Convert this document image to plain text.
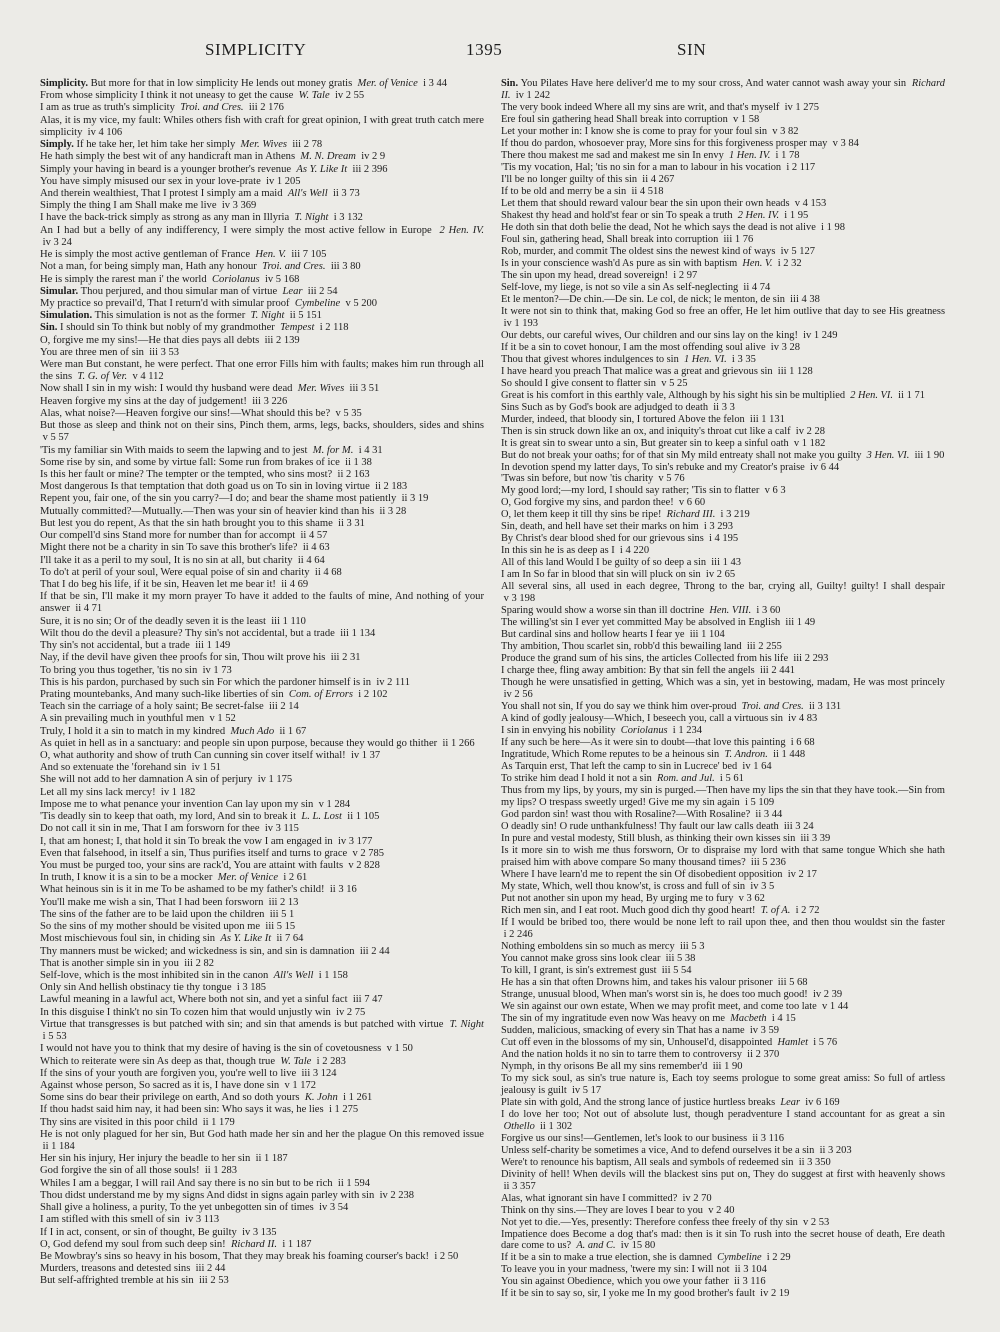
SIMPLICITY	1395	SIN
Simplicity. But more for that in low simplicity He lends out money gratis Mer. of Venice i 3 44
From whose simplicity I think it not uneasy to get the cause W. Tale iv 2 55
I am as true as truth's simplicity Troi. and Cres. iii 2 176
Alas, it is my vice, my fault: Whiles others fish with craft for great opinion, I with great truth catch mere simplicity iv 4 106
Simply. If he take her, let him take her simply Mer. Wives iii 2 78
He hath simply the best wit of any handicraft man in Athens M. N. Dream iv 2 9
Simply your having in beard is a younger brother's revenue As Y. Like It iii 2 396
You have simply misused our sex in your love-prate iv 1 205
And therein wealthiest, That I protest I simply am a maid All's Well ii 3 73
Simply the thing I am Shall make me live iv 3 369
I have the back-trick simply as strong as any man in Illyria T. Night i 3 132
An I had but a belly of any indifferency, I were simply the most active fellow in Europe 2 Hen. IV.  iv 3 24
He is simply the most active gentleman of France Hen. V. iii 7 105
Not a man, for being simply man, Hath any honour Troi. and Cres. iii 3 80
He is simply the rarest man i' the world Coriolanus iv 5 168
Simular. Thou perjured, and thou simular man of virtue Lear iii 2 54
My practice so prevail'd, That I return'd with simular proof Cymbeline v 5 200
Simulation. This simulation is not as the former T. Night ii 5 151
Sin. I should sin To think but nobly of my grandmother Tempest i 2 118
O, forgive me my sins!—He that dies pays all debts iii 2 139
You are three men of sin iii 3 53
Were man But constant, he were perfect. That one error Fills him with faults; makes him run through all the sins T. G. of Ver. v 4 112
Now shall I sin in my wish: I would thy husband were dead Mer. Wives iii 3 51
Heaven forgive my sins at the day of judgement! iii 3 226
Alas, what noise?—Heaven forgive our sins!—What should this be? v 5 35
But those as sleep and think not on their sins, Pinch them, arms, legs, backs, shoulders, sides and shins  v 5 57
'Tis my familiar sin With maids to seem the lapwing and to jest M. for M. i 4 31
Some rise by sin, and some by virtue fall: Some run from brakes of ice ii 1 38
Is this her fault or mine? The tempter or the tempted, who sins most? ii 2 163
Most dangerous Is that temptation that doth goad us on To sin in loving virtue ii 2 183
Repent you, fair one, of the sin you carry?—I do; and bear the shame most patiently ii 3 19
Mutually committed?—Mutually.—Then was your sin of heavier kind than his ii 3 28
But lest you do repent, As that the sin hath brought you to this shame ii 3 31
Our compell'd sins Stand more for number than for accompt ii 4 57
Might there not be a charity in sin To save this brother's life? ii 4 63
I'll take it as a peril to my soul, It is no sin at all, but charity ii 4 64
To do't at peril of your soul, Were equal poise of sin and charity ii 4 68
That I do beg his life, if it be sin, Heaven let me bear it! ii 4 69
If that be sin, I'll make it my morn prayer To have it added to the faults of mine, And nothing of your answer ii 4 71
Sure, it is no sin; Or of the deadly seven it is the least iii 1 110
Wilt thou do the devil a pleasure? Thy sin's not accidental, but a trade iii 1 134
Thy sin's not accidental, but a trade iii 1 149
Nay, if the devil have given thee proofs for sin, Thou wilt prove his iii 2 31
To bring you thus together, 'tis no sin iv 1 73
This is his pardon, purchased by such sin For which the pardoner himself is in iv 2 111
Prating mountebanks, And many such-like liberties of sin Com. of Errors i 2 102
Teach sin the carriage of a holy saint; Be secret-false iii 2 14
A sin prevailing much in youthful men v 1 52
Truly, I hold it a sin to match in my kindred Much Ado ii 1 67
As quiet in hell as in a sanctuary: and people sin upon purpose, because they would go thither ii 1 266
O, what authority and show of truth Can cunning sin cover itself withal! iv 1 37
And so extenuate the 'forehand sin iv 1 51
She will not add to her damnation A sin of perjury iv 1 175
Let all my sins lack mercy! iv 1 182
Impose me to what penance your invention Can lay upon my sin v 1 284
'Tis deadly sin to keep that oath, my lord, And sin to break it L. L. Lost ii 1 105
Do not call it sin in me, That I am forsworn for thee iv 3 115
I, that am honest; I, that hold it sin To break the vow I am engaged in iv 3 177
Even that falsehood, in itself a sin, Thus purifies itself and turns to grace v 2 785
You must be purged too, your sins are rack'd, You are attaint with faults v 2 828
In truth, I know it is a sin to be a mocker Mer. of Venice i 2 61
What heinous sin is it in me To be ashamed to be my father's child! ii 3 16
You'll make me wish a sin, That I had been forsworn iii 2 13
The sins of the father are to be laid upon the children iii 5 1
So the sins of my mother should be visited upon me iii 5 15
Most mischievous foul sin, in chiding sin As Y. Like It ii 7 64
Thy manners must be wicked; and wickedness is sin, and sin is damnation iii 2 44
That is another simple sin in you iii 2 82
Self-love, which is the most inhibited sin in the canon All's Well i 1 158
Only sin And hellish obstinacy tie thy tongue i 3 185
Lawful meaning in a lawful act, Where both not sin, and yet a sinful fact iii 7 47
In this disguise I think't no sin To cozen him that would unjustly win iv 2 75
Virtue that transgresses is but patched with sin; and sin that amends is but patched with virtue T. Night  i 5 53
I would not have you to think that my desire of having is the sin of covetousness v 1 50
Which to reiterate were sin As deep as that, though true W. Tale i 2 283
If the sins of your youth are forgiven you, you're well to live iii 3 124
Against whose person, So sacred as it is, I have done sin v 1 172
Some sins do bear their privilege on earth, And so doth yours K. John i 1 261
If thou hadst said him nay, it had been sin: Who says it was, he lies i 1 275
Thy sins are visited in this poor child ii 1 179
He is not only plagued for her sin, But God hath made her sin and her the plague On this removed issue  ii 1 184
Her sin his injury, Her injury the beadle to her sin ii 1 187
God forgive the sin of all those souls! ii 1 283
Whiles I am a beggar, I will rail And say there is no sin but to be rich ii 1 594
Thou didst understand me by my signs And didst in signs again parley with sin iv 2 238
Shall give a holiness, a purity, To the yet unbegotten sin of times iv 3 54
I am stifled with this smell of sin iv 3 113
If I in act, consent, or sin of thought, Be guilty iv 3 135
O, God defend my soul from such deep sin! Richard II. i 1 187
Be Mowbray's sins so heavy in his bosom, That they may break his foaming courser's back! i 2 50
Murders, treasons and detested sins iii 2 44
But self-affrighted tremble at his sin iii 2 53
Sin. You Pilates Have here deliver'd me to my sour cross, And water cannot wash away your sin Richard II. iv 1 242
The very book indeed Where all my sins are writ, and that's myself iv 1 275
Ere foul sin gathering head Shall break into corruption v 1 58
Let your mother in: I know she is come to pray for your foul sin v 3 82
If thou do pardon, whosoever pray, More sins for this forgiveness prosper may v 3 84
There thou makest me sad and makest me sin In envy 1 Hen. IV. i 1 78
'Tis my vocation, Hal; 'tis no sin for a man to labour in his vocation i 2 117
I'll be no longer guilty of this sin ii 4 267
If to be old and merry be a sin ii 4 518
Let them that should reward valour bear the sin upon their own heads v 4 153
Shakest thy head and hold'st fear or sin To speak a truth 2 Hen. IV. i 1 95
He doth sin that doth belie the dead, Not he which says the dead is not alive i 1 98
Foul sin, gathering head, Shall break into corruption iii 1 76
Rob, murder, and commit The oldest sins the newest kind of ways iv 5 127
Is in your conscience wash'd As pure as sin with baptism Hen. V. i 2 32
The sin upon my head, dread sovereign! i 2 97
Self-love, my liege, is not so vile a sin As self-neglecting ii 4 74
Et le menton?—De chin.—De sin. Le col, de nick; le menton, de sin iii 4 38
It were not sin to think that, making God so free an offer, He let him outlive that day to see His greatness  iv 1 193
Our debts, our careful wives, Our children and our sins lay on the king! iv 1 249
If it be a sin to covet honour, I am the most offending soul alive iv 3 28
Thou that givest whores indulgences to sin 1 Hen. VI. i 3 35
I have heard you preach That malice was a great and grievous sin iii 1 128
So should I give consent to flatter sin v 5 25
Great is his comfort in this earthly vale, Although by his sight his sin be multiplied 2 Hen. VI. ii 1 71
Sins Such as by God's book are adjudged to death ii 3 3
Murder, indeed, that bloody sin, I tortured Above the felon iii 1 131
Then is sin struck down like an ox, and iniquity's throat cut like a calf iv 2 28
It is great sin to swear unto a sin, But greater sin to keep a sinful oath v 1 182
But do not break your oaths; for of that sin My mild entreaty shall not make you guilty 3 Hen. VI. iii 1 90
In devotion spend my latter days, To sin's rebuke and my Creator's praise iv 6 44
'Twas sin before, but now 'tis charity v 5 76
My good lord;—my lord, I should say rather; 'Tis sin to flatter v 6 3
O, God forgive my sins, and pardon thee! v 6 60
O, let them keep it till thy sins be ripe! Richard III. i 3 219
Sin, death, and hell have set their marks on him i 3 293
By Christ's dear blood shed for our grievous sins i 4 195
In this sin he is as deep as I i 4 220
All of this land Would I be guilty of so deep a sin iii 1 43
I am In So far in blood that sin will pluck on sin iv 2 65
All several sins, all used in each degree, Throng to the bar, crying all, Guilty! guilty! I shall despair  v 3 198
Sparing would show a worse sin than ill doctrine Hen. VIII. i 3 60
The willing'st sin I ever yet committed May be absolved in English iii 1 49
But cardinal sins and hollow hearts I fear ye iii 1 104
Thy ambition, Thou scarlet sin, robb'd this bewailing land iii 2 255
Produce the grand sum of his sins, the articles Collected from his life iii 2 293
I charge thee, fling away ambition: By that sin fell the angels iii 2 441
Though he were unsatisfied in getting, Which was a sin, yet in bestowing, madam, He was most princely  iv 2 56
You shall not sin, If you do say we think him over-proud Troi. and Cres. ii 3 131
A kind of godly jealousy—Which, I beseech you, call a virtuous sin iv 4 83
I sin in envying his nobility Coriolanus i 1 234
If any such be here—As it were sin to doubt—that love this painting i 6 68
Ingratitude, Which Rome reputes to be a heinous sin T. Andron. ii 1 448
As Tarquin erst, That left the camp to sin in Lucrece' bed iv 1 64
To strike him dead I hold it not a sin Rom. and Jul. i 5 61
Thus from my lips, by yours, my sin is purged.—Then have my lips the sin that they have took.—Sin from my lips? O trespass sweetly urged! Give me my sin again i 5 109
God pardon sin! wast thou with Rosaline?—With Rosaline? ii 3 44
O deadly sin! O rude unthankfulness! Thy fault our law calls death iii 3 24
In pure and vestal modesty, Still blush, as thinking their own kisses sin iii 3 39
Is it more sin to wish me thus forsworn, Or to dispraise my lord with that same tongue Which she hath praised him with above compare So many thousand times? iii 5 236
Where I have learn'd me to repent the sin Of disobedient opposition iv 2 17
My state, Which, well thou know'st, is cross and full of sin iv 3 5
Put not another sin upon my head, By urging me to fury v 3 62
Rich men sin, and I eat root. Much good dich thy good heart! T. of A. i 2 72
If I would be bribed too, there would be none left to rail upon thee, and then thou wouldst sin the faster  i 2 246
Nothing emboldens sin so much as mercy iii 5 3
You cannot make gross sins look clear iii 5 38
To kill, I grant, is sin's extremest gust iii 5 54
He has a sin that often Drowns him, and takes his valour prisoner iii 5 68
Strange, unusual blood, When man's worst sin is, he does too much good! iv 2 39
We sin against our own estate, When we may profit meet, and come too late v 1 44
The sin of my ingratitude even now Was heavy on me Macbeth i 4 15
Sudden, malicious, smacking of every sin That has a name iv 3 59
Cut off even in the blossoms of my sin, Unhousel'd, disappointed Hamlet i 5 76
And the nation holds it no sin to tarre them to controversy ii 2 370
Nymph, in thy orisons Be all my sins remember'd iii 1 90
To my sick soul, as sin's true nature is, Each toy seems prologue to some great amiss: So full of artless jealousy is guilt iv 5 17
Plate sin with gold, And the strong lance of justice hurtless breaks Lear iv 6 169
I do love her too; Not out of absolute lust, though peradventure I stand accountant for as great a sin  Othello ii 1 302
Forgive us our sins!—Gentlemen, let's look to our business ii 3 116
Unless self-charity be sometimes a vice, And to defend ourselves it be a sin ii 3 203
Were't to renounce his baptism, All seals and symbols of redeemed sin ii 3 350
Divinity of hell! When devils will the blackest sins put on, They do suggest at first with heavenly shows  ii 3 357
Alas, what ignorant sin have I committed? iv 2 70
Think on thy sins.—They are loves I bear to you v 2 40
Not yet to die.—Yes, presently: Therefore confess thee freely of thy sin v 2 53
Impatience does Become a dog that's mad: then is it sin To rush into the secret house of death, Ere death dare come to us? A. and C. iv 15 80
If it be a sin to make a true election, she is damned Cymbeline i 2 29
To leave you in your madness, 'twere my sin: I will not ii 3 104
You sin against Obedience, which you owe your father ii 3 116
If it be sin to say so, sir, I yoke me In my good brother's fault iv 2 19
